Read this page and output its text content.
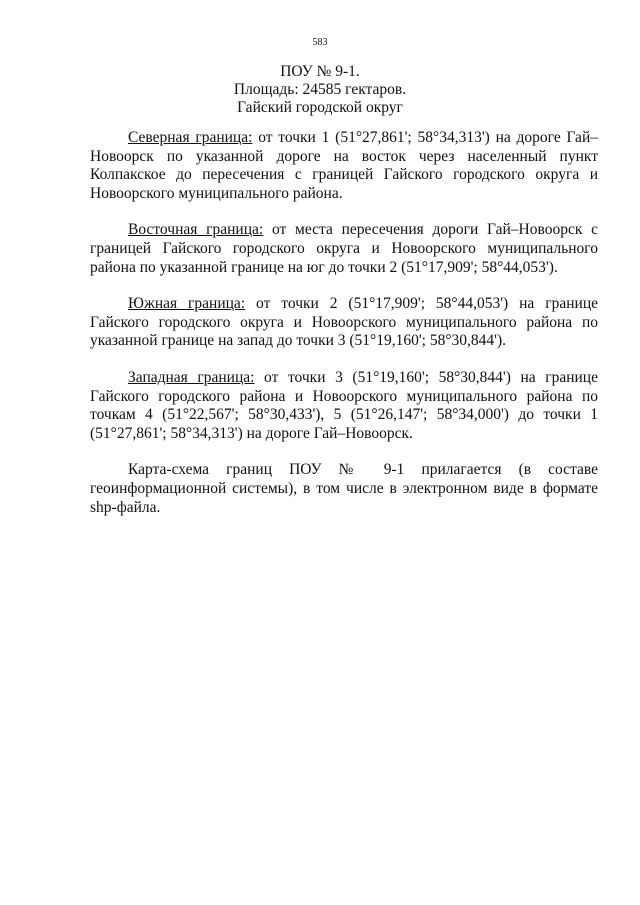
583
ПОУ № 9-1.
Площадь: 24585 гектаров.
Гайский городской округ

Северная граница: от точки 1 (51°27,861'; 58°34,313') на дороге Гай–Новоорск по указанной дороге на восток через населенный пункт Колпакское до пересечения с границей Гайского городского округа и Новоорского муниципального района.

Восточная граница: от места пересечения дороги Гай–Новоорск с границей Гайского городского округа и Новоорского муниципального района по указанной границе на юг до точки 2 (51°17,909'; 58°44,053').

Южная граница: от точки 2 (51°17,909'; 58°44,053') на границе Гайского городского округа и Новоорского муниципального района по указанной границе на запад до точки 3 (51°19,160'; 58°30,844').

Западная граница: от точки 3 (51°19,160'; 58°30,844') на границе Гайского городского района и Новоорского муниципального района по точкам 4 (51°22,567'; 58°30,433'), 5 (51°26,147'; 58°34,000') до точки 1 (51°27,861'; 58°34,313') на дороге Гай–Новоорск.

Карта-схема границ ПОУ № 9-1 прилагается (в составе геоинформационной системы), в том числе в электронном виде в формате shp-файла.
